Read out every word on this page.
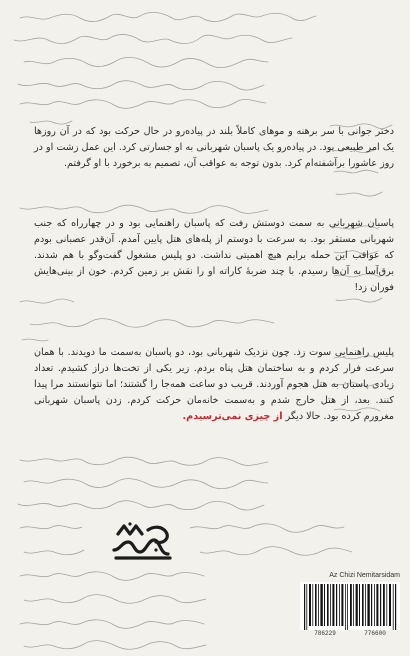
دختر جوانی با سر برهنه و موهای کاملاً بلند در پیاده‌رو در حال حرکت بود که در آن روزها یک امر طبیعی بود. در پیاده‌رو یک پاسبان شهربانی به او جسارتی کرد. این عمل زشت او در روز عاشورا برآشفته‌ام کرد. بدون توجه به عواقب آن، تصمیم به برخورد با او گرفتم.

پاسبان شهربانی به سمت دوستش رفت که پاسبان راهنمایی بود و در چهارراه که جنب شهربانی مستقر بود. به سرعت با دوستم از پله‌های هتل پایین آمدم. آن‌قدر عصبانی بودم که عواقب این حمله برایم هیچ اهمیتی نداشت. دو پلیس مشغول گفت‌وگو با هم شدند. برق‌آسا به آن‌ها رسیدم. با چند ضربهٔ کاراته او را نقش بر زمین کردم. خون از بینی‌هایش فوران زد!

پلیس راهنمایی سوت زد. چون نزدیک شهربانی بود، دو پاسبان به‌سمت ما دویدند. با همان سرعت فرار کردم و به ساختمان هتل پناه بردم. زیر یکی از تخت‌ها دراز کشیدم. تعداد زیادی پاسبان به هتل هجوم آوردند. قریب دو ساعت همه‌جا را گشتند؛ اما نتوانستند مرا پیدا کنند. بعد، از هتل خارج شدم و به‌سمت خانه‌مان حرکت کردم. زدن پاسبان شهربانی مغرورم کرده بود. حالا دیگر از چیزی نمی‌ترسیدم.

Az Chizi Nemitarsidam
786229	776600
